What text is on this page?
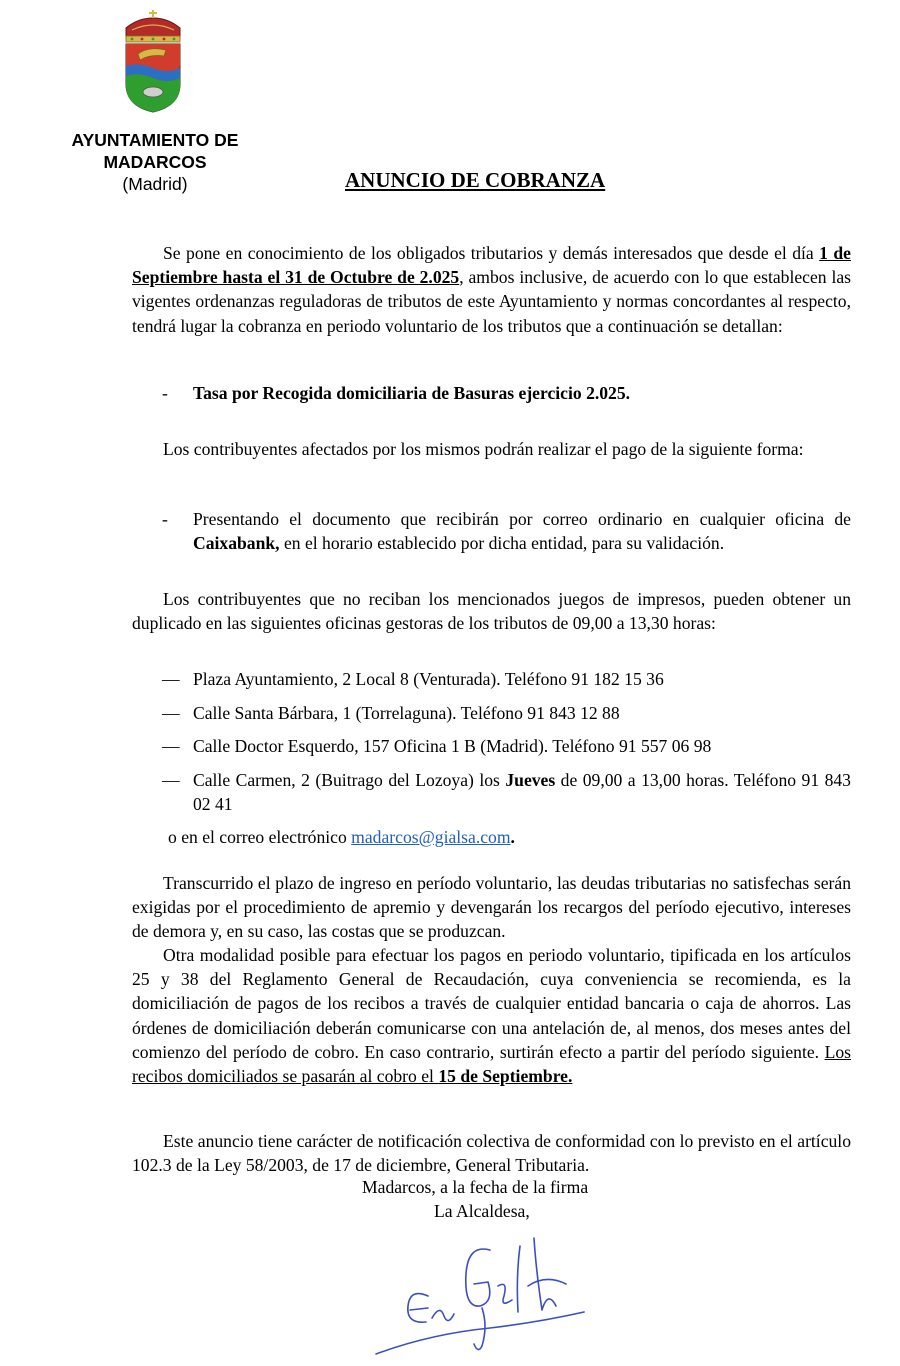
AYUNTAMIENTO DE
MADARCOS
(Madrid)	ANUNCIO DE COBRANZA
Se pone en conocimiento de los obligados tributarios y demás interesados que desde el día 1 de Septiembre hasta el 31 de Octubre de 2.025, ambos inclusive, de acuerdo con lo que establecen las vigentes ordenanzas reguladoras de tributos de este Ayuntamiento y normas concordantes al respecto, tendrá lugar la cobranza en periodo voluntario de los tributos que a continuación se detallan:
- Tasa por Recogida domiciliaria de Basuras ejercicio 2.025.
Los contribuyentes afectados por los mismos podrán realizar el pago de la siguiente forma:
- Presentando el documento que recibirán por correo ordinario en cualquier oficina de Caixabank, en el horario establecido por dicha entidad, para su validación.
Los contribuyentes que no reciban los mencionados juegos de impresos, pueden obtener un duplicado en las siguientes oficinas gestoras de los tributos de 09,00 a 13,30 horas:
— Plaza Ayuntamiento, 2 Local 8 (Venturada). Teléfono 91 182 15 36
— Calle Santa Bárbara, 1 (Torrelaguna). Teléfono 91 843 12 88
— Calle Doctor Esquerdo, 157 Oficina 1 B (Madrid). Teléfono 91 557 06 98
— Calle Carmen, 2 (Buitrago del Lozoya) los Jueves de 09,00 a 13,00 horas. Teléfono 91 843 02 41
o en el correo electrónico madarcos@gialsa.com.
Transcurrido el plazo de ingreso en período voluntario, las deudas tributarias no satisfechas serán exigidas por el procedimiento de apremio y devengarán los recargos del período ejecutivo, intereses de demora y, en su caso, las costas que se produzcan.
Otra modalidad posible para efectuar los pagos en periodo voluntario, tipificada en los artículos 25 y 38 del Reglamento General de Recaudación, cuya conveniencia se recomienda, es la domiciliación de pagos de los recibos a través de cualquier entidad bancaria o caja de ahorros. Las órdenes de domiciliación deberán comunicarse con una antelación de, al menos, dos meses antes del comienzo del período de cobro. En caso contrario, surtirán efecto a partir del período siguiente. Los recibos domiciliados se pasarán al cobro el 15 de Septiembre.
Este anuncio tiene carácter de notificación colectiva de conformidad con lo previsto en el artículo 102.3 de la Ley 58/2003, de 17 de diciembre, General Tributaria.
Madarcos, a la fecha de la firma
La Alcaldesa,
